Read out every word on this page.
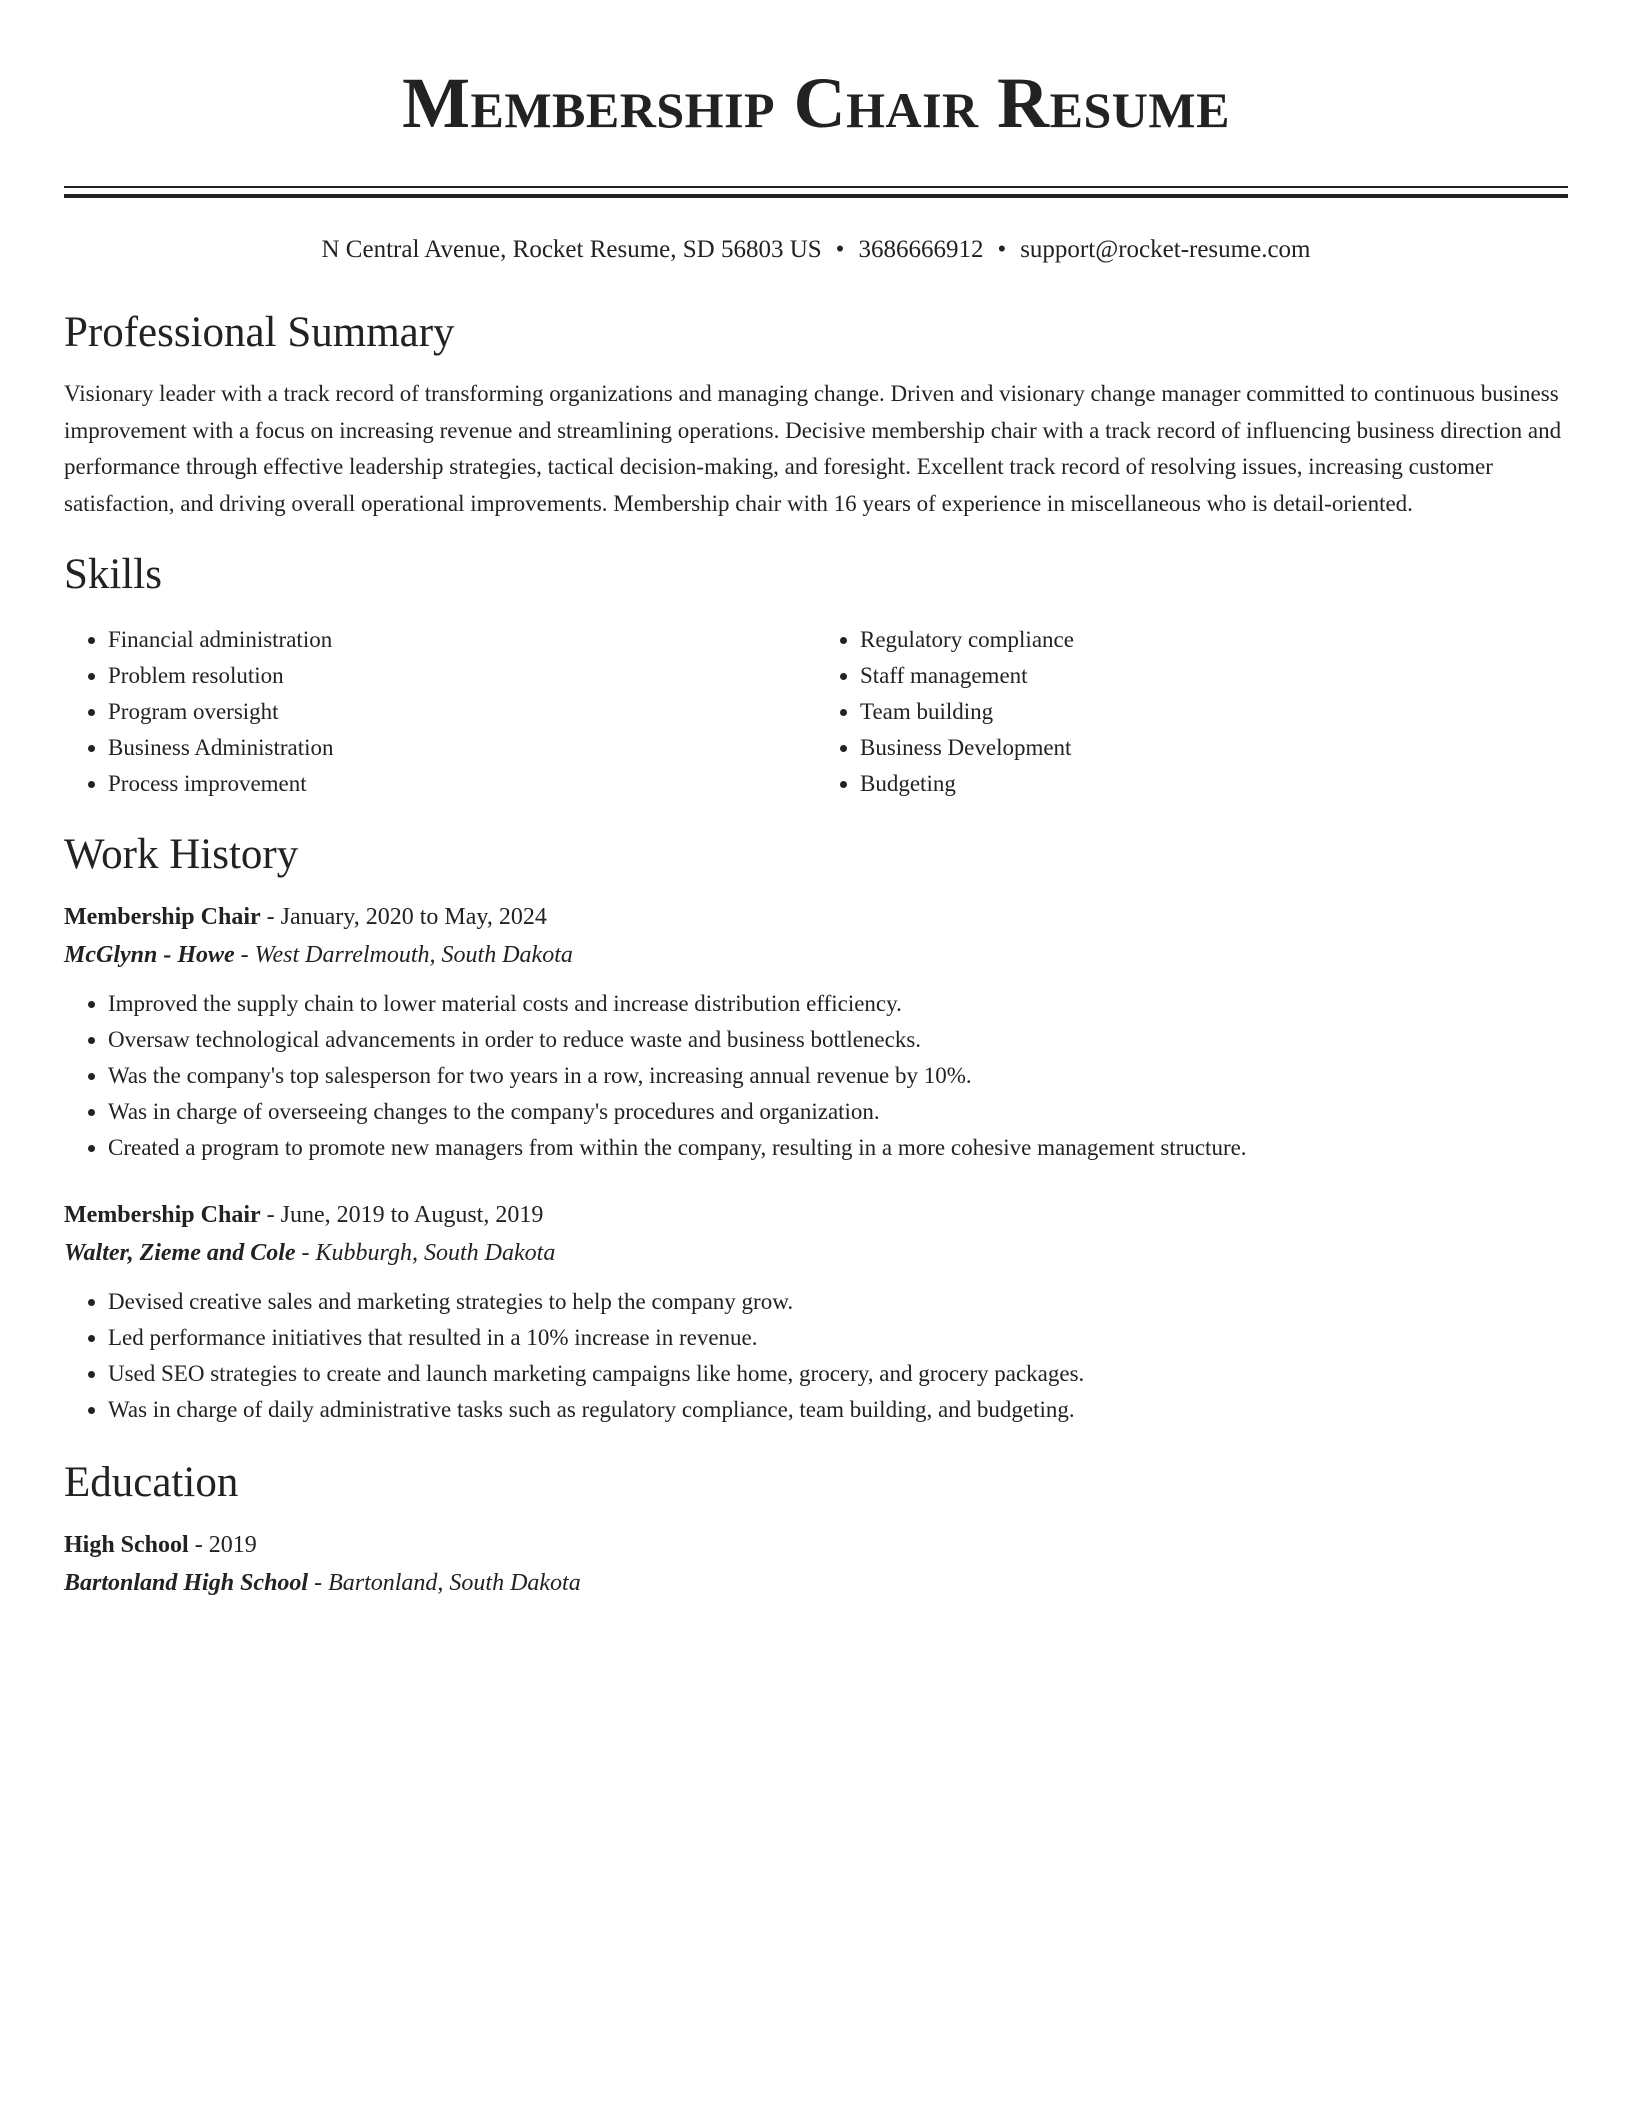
Membership Chair Resume
N Central Avenue, Rocket Resume, SD 56803 US • 3686666912 • support@rocket-resume.com
Professional Summary

Visionary leader with a track record of transforming organizations and managing change. Driven and visionary change manager committed to continuous business improvement with a focus on increasing revenue and streamlining operations. Decisive membership chair with a track record of influencing business direction and performance through effective leadership strategies, tactical decision-making, and foresight. Excellent track record of resolving issues, increasing customer satisfaction, and driving overall operational improvements. Membership chair with 16 years of experience in miscellaneous who is detail-oriented.

Skills
• Financial administration
• Problem resolution
• Program oversight
• Business Administration
• Process improvement
• Regulatory compliance
• Staff management
• Team building
• Business Development
• Budgeting
Work History
Membership Chair - January, 2020 to May, 2024
McGlynn - Howe - West Darrelmouth, South Dakota
• Improved the supply chain to lower material costs and increase distribution efficiency.
• Oversaw technological advancements in order to reduce waste and business bottlenecks.
• Was the company's top salesperson for two years in a row, increasing annual revenue by 10%.
• Was in charge of overseeing changes to the company's procedures and organization.
• Created a program to promote new managers from within the company, resulting in a more cohesive management structure.
Membership Chair - June, 2019 to August, 2019
Walter, Zieme and Cole - Kubburgh, South Dakota
• Devised creative sales and marketing strategies to help the company grow.
• Led performance initiatives that resulted in a 10% increase in revenue.
• Used SEO strategies to create and launch marketing campaigns like home, grocery, and grocery packages.
• Was in charge of daily administrative tasks such as regulatory compliance, team building, and budgeting.
Education
High School - 2019
Bartonland High School - Bartonland, South Dakota
